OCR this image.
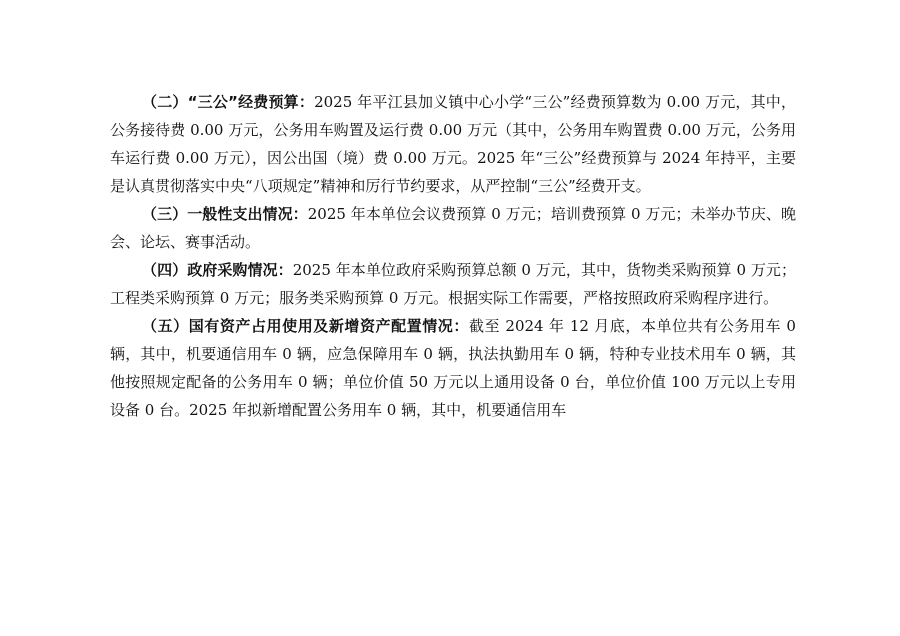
（二）“三公”经费预算：2025 年平江县加义镇中心小学“三公”经费预算数为 0.00 万元，其中，公务接待费 0.00 万元，公务用车购置及运行费 0.00 万元（其中，公务用车购置费 0.00 万元，公务用车运行费 0.00 万元），因公出国（境）费 0.00 万元。2025 年“三公”经费预算与 2024 年持平，主要是认真贯彻落实中央“八项规定”精神和厉行节约要求，从严控制“三公”经费开支。

（三）一般性支出情况：2025 年本单位会议费预算 0 万元；培训费预算 0 万元；未举办节庆、晚会、论坛、赛事活动。

（四）政府采购情况：2025 年本单位政府采购预算总额 0 万元，其中，货物类采购预算 0 万元；工程类采购预算 0 万元；服务类采购预算 0 万元。根据实际工作需要，严格按照政府采购程序进行。

（五）国有资产占用使用及新增资产配置情况：截至 2024 年 12 月底，本单位共有公务用车 0 辆，其中，机要通信用车 0 辆，应急保障用车 0 辆，执法执勤用车 0 辆，特种专业技术用车 0 辆，其他按照规定配备的公务用车 0 辆；单位价值 50 万元以上通用设备 0 台，单位价值 100 万元以上专用设备 0 台。2025 年拟新增配置公务用车 0 辆，其中，机要通信用车
